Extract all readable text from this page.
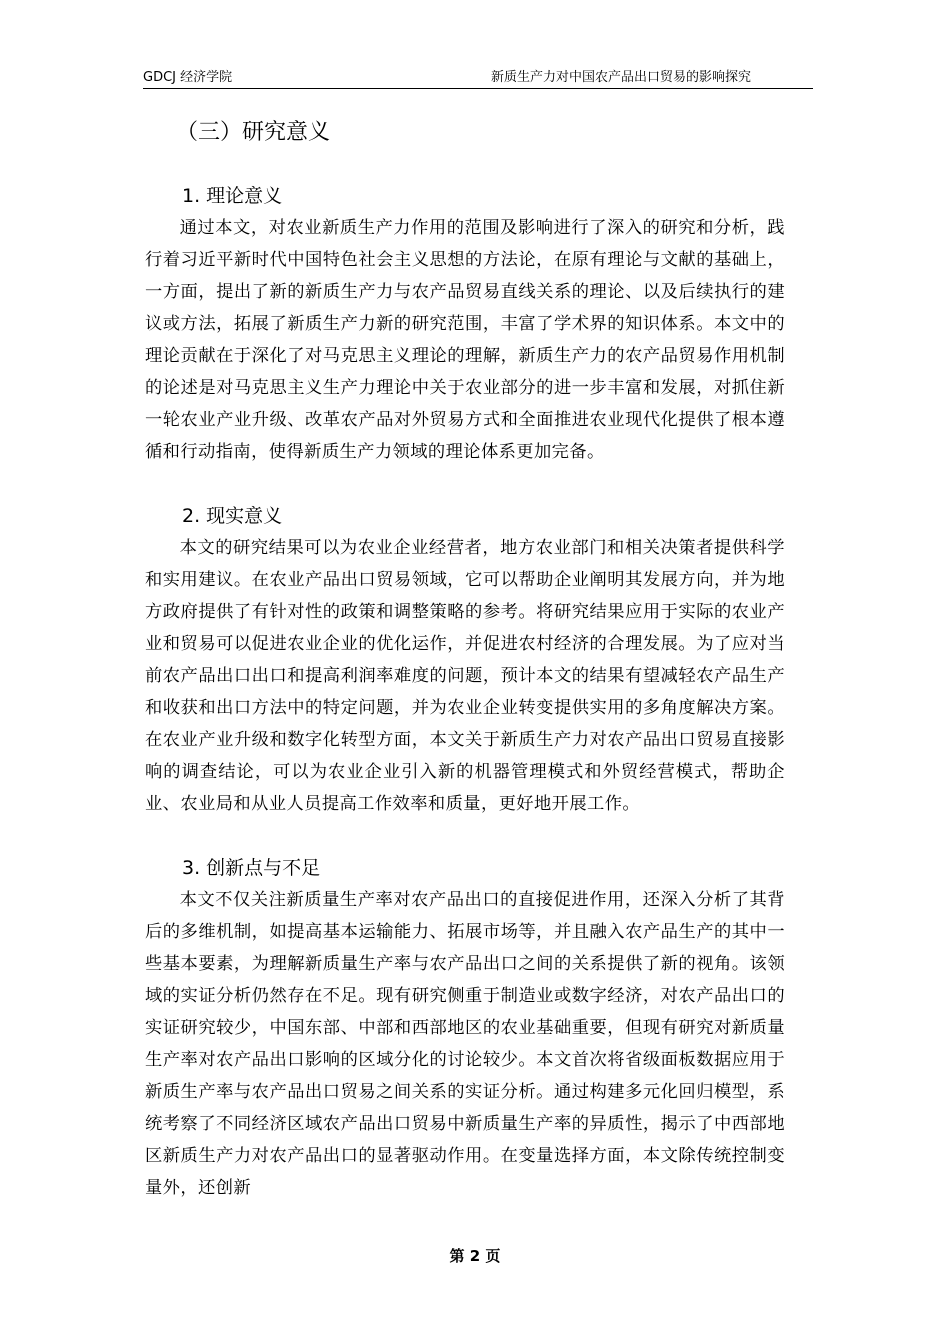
GDCJ 经济学院	新质生产力对中国农产品出口贸易的影响探究
（三）研究意义
1. 理论意义

通过本文，对农业新质生产力作用的范围及影响进行了深入的研究和分析，践行着习近平新时代中国特色社会主义思想的方法论，在原有理论与文献的基础上，一方面，提出了新的新质生产力与农产品贸易直线关系的理论、以及后续执行的建议或方法，拓展了新质生产力新的研究范围，丰富了学术界的知识体系。本文中的理论贡献在于深化了对马克思主义理论的理解，新质生产力的农产品贸易作用机制的论述是对马克思主义生产力理论中关于农业部分的进一步丰富和发展，对抓住新一轮农业产业升级、改革农产品对外贸易方式和全面推进农业现代化提供了根本遵循和行动指南，使得新质生产力领域的理论体系更加完备。

2. 现实意义

本文的研究结果可以为农业企业经营者，地方农业部门和相关决策者提供科学和实用建议。在农业产品出口贸易领域，它可以帮助企业阐明其发展方向，并为地方政府提供了有针对性的政策和调整策略的参考。将研究结果应用于实际的农业产业和贸易可以促进农业企业的优化运作，并促进农村经济的合理发展。为了应对当前农产品出口出口和提高利润率难度的问题，预计本文的结果有望减轻农产品生产和收获和出口方法中的特定问题，并为农业企业转变提供实用的多角度解决方案。在农业产业升级和数字化转型方面，本文关于新质生产力对农产品出口贸易直接影响的调查结论，可以为农业企业引入新的机器管理模式和外贸经营模式，帮助企业、农业局和从业人员提高工作效率和质量，更好地开展工作。

3. 创新点与不足

本文不仅关注新质量生产率对农产品出口的直接促进作用，还深入分析了其背后的多维机制，如提高基本运输能力、拓展市场等，并且融入农产品生产的其中一些基本要素，为理解新质量生产率与农产品出口之间的关系提供了新的视角。该领域的实证分析仍然存在不足。现有研究侧重于制造业或数字经济，对农产品出口的实证研究较少，中国东部、中部和西部地区的农业基础重要，但现有研究对新质量生产率对农产品出口影响的区域分化的讨论较少。本文首次将省级面板数据应用于新质生产率与农产品出口贸易之间关系的实证分析。通过构建多元化回归模型，系统考察了不同经济区域农产品出口贸易中新质量生产率的异质性，揭示了中西部地区新质生产力对农产品出口的显著驱动作用。在变量选择方面，本文除传统控制变量外，还创新

第 2 页
